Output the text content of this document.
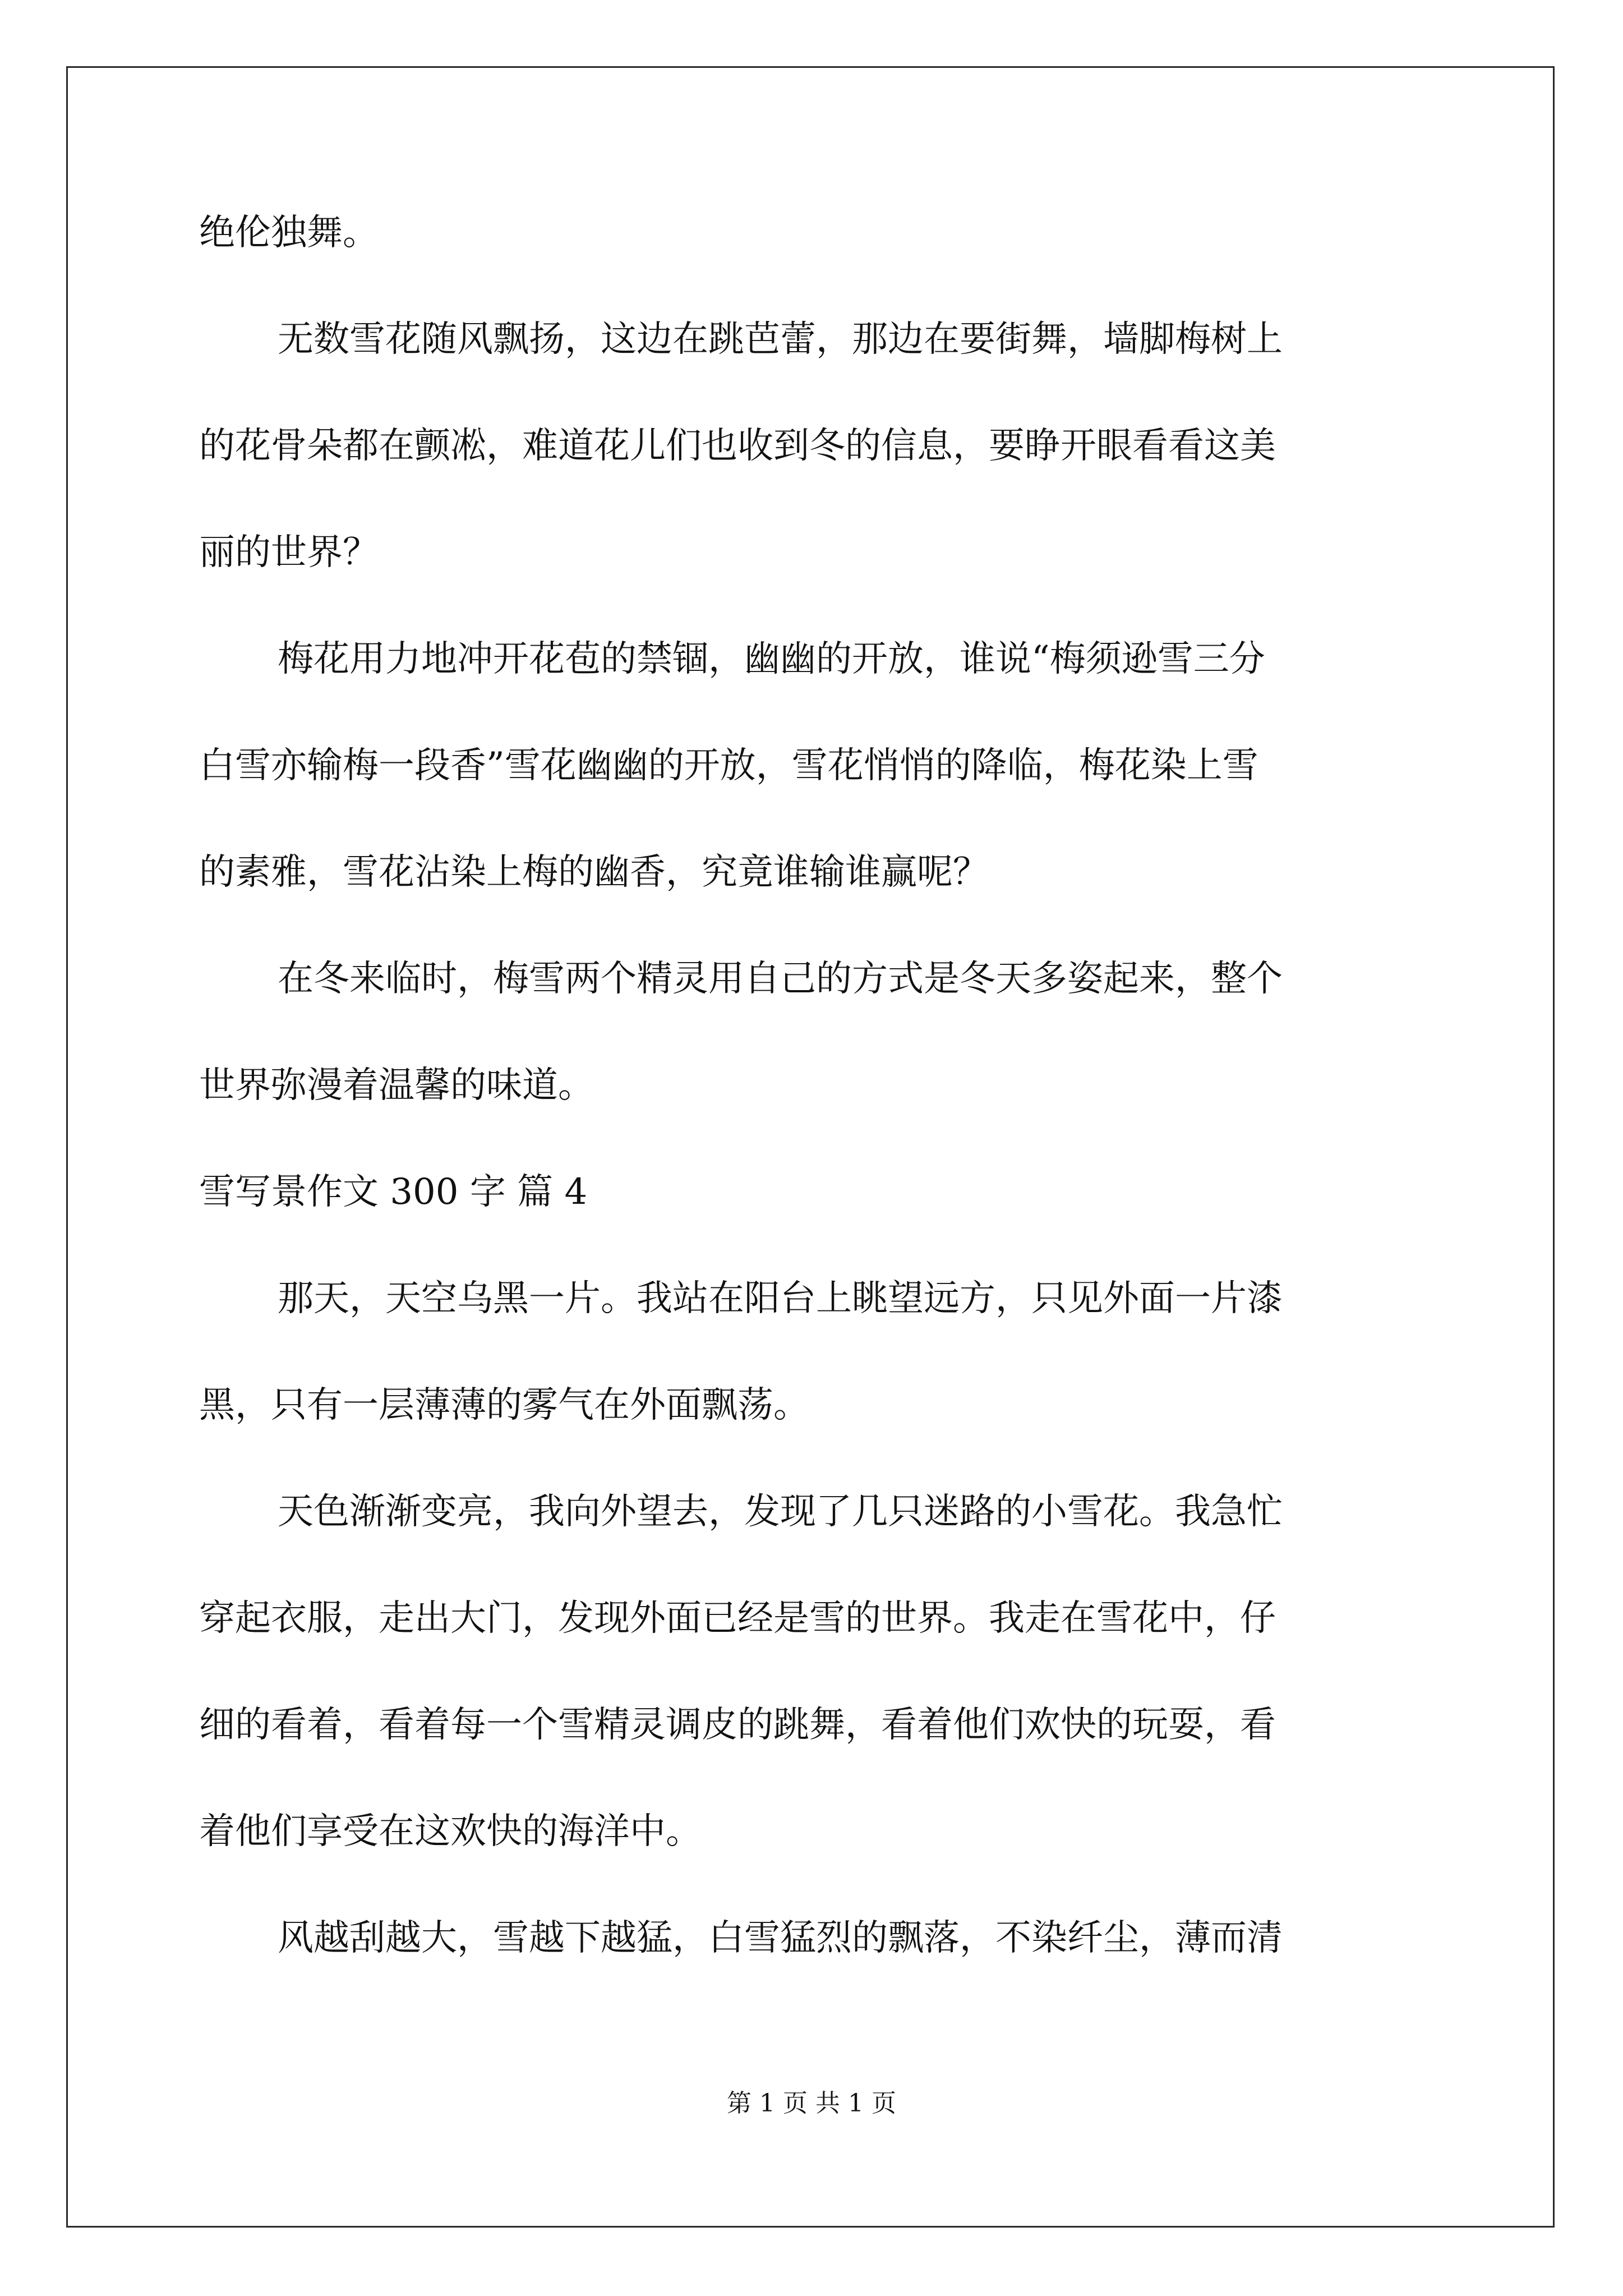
绝伦独舞。
无数雪花随风飘扬，这边在跳芭蕾，那边在要街舞，墙脚梅树上
的花骨朵都在颤凇，难道花儿们也收到冬的信息，要睁开眼看看这美
丽的世界？
梅花用力地冲开花苞的禁锢，幽幽的开放，谁说“梅须逊雪三分
白雪亦输梅一段香”雪花幽幽的开放，雪花悄悄的降临，梅花染上雪
的素雅，雪花沾染上梅的幽香，究竟谁输谁赢呢？
在冬来临时，梅雪两个精灵用自己的方式是冬天多姿起来，整个
世界弥漫着温馨的味道。
雪写景作文 300 字 篇 4
那天，天空乌黑一片。我站在阳台上眺望远方，只见外面一片漆
黑，只有一层薄薄的雾气在外面飘荡。
天色渐渐变亮，我向外望去，发现了几只迷路的小雪花。我急忙
穿起衣服，走出大门，发现外面已经是雪的世界。我走在雪花中，仔
细的看着，看着每一个雪精灵调皮的跳舞，看着他们欢快的玩耍，看
着他们享受在这欢快的海洋中。
风越刮越大，雪越下越猛，白雪猛烈的飘落，不染纤尘，薄而清
第 1 页 共 1 页
